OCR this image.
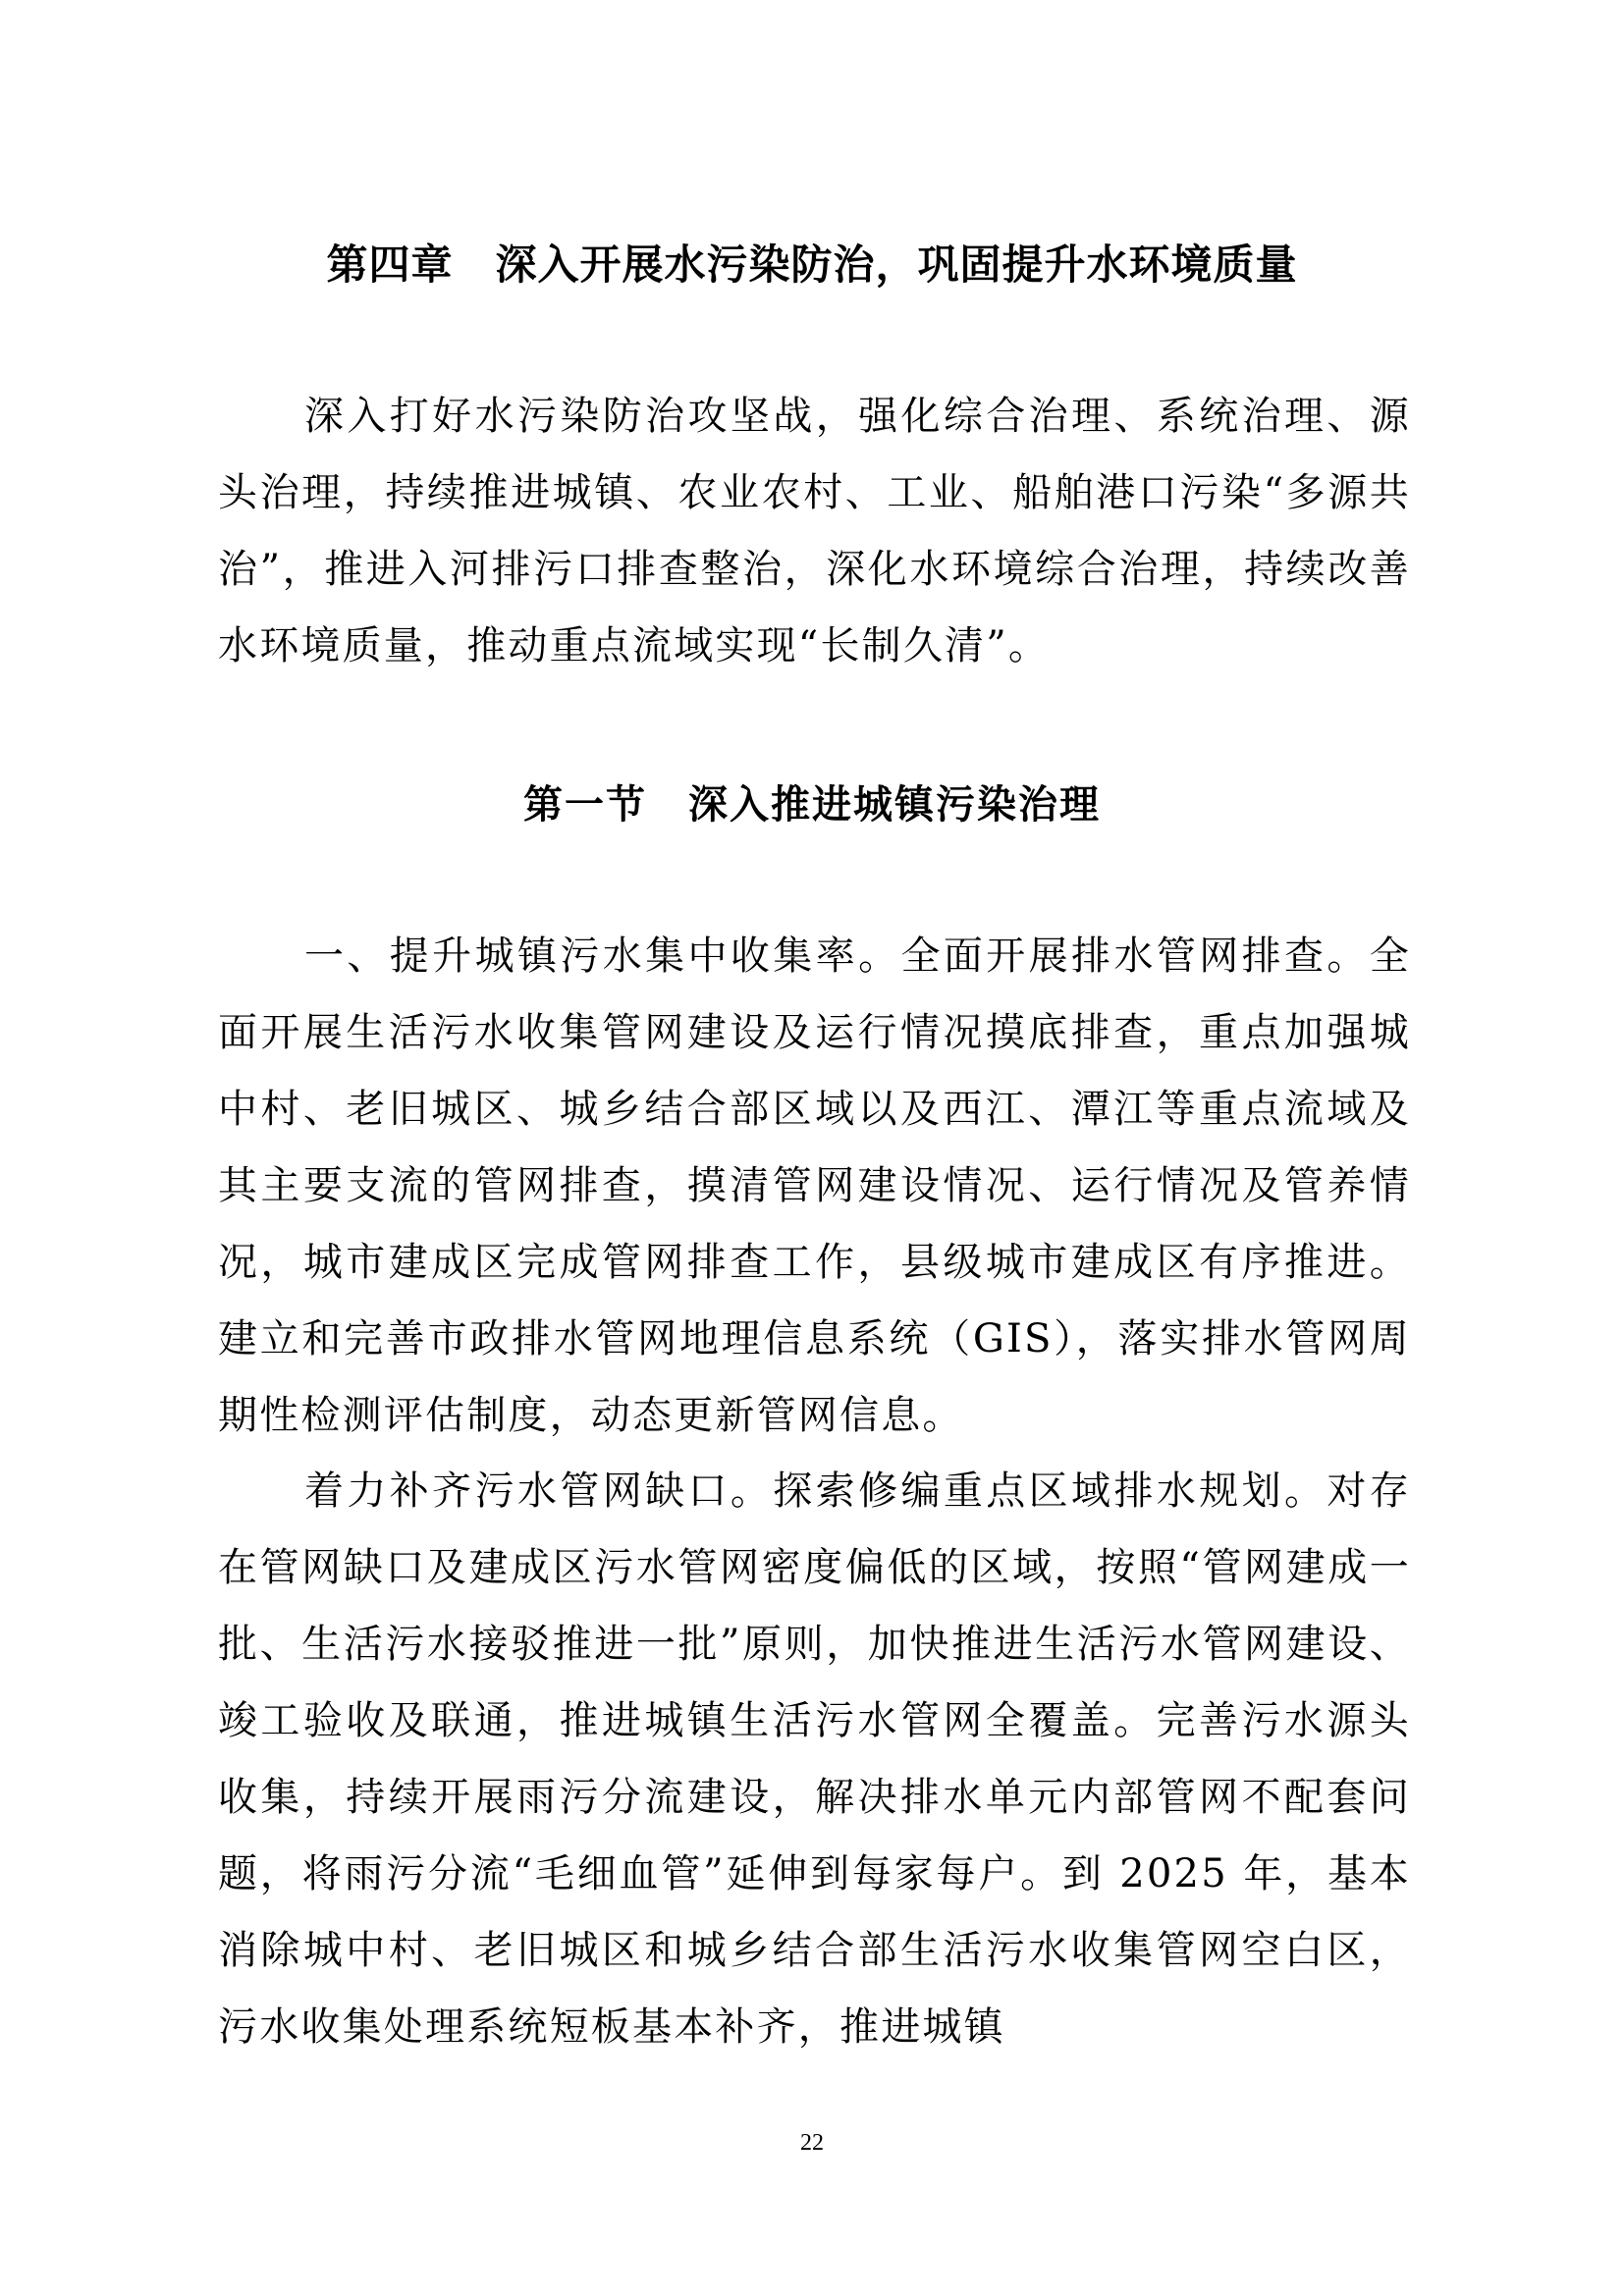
第四章　深入开展水污染防治，巩固提升水环境质量

深入打好水污染防治攻坚战，强化综合治理、系统治理、源头治理，持续推进城镇、农业农村、工业、船舶港口污染“多源共治”，推进入河排污口排查整治，深化水环境综合治理，持续改善水环境质量，推动重点流域实现“长制久清”。

第一节　深入推进城镇污染治理

一、提升城镇污水集中收集率。全面开展排水管网排查。全面开展生活污水收集管网建设及运行情况摸底排查，重点加强城中村、老旧城区、城乡结合部区域以及西江、潭江等重点流域及其主要支流的管网排查，摸清管网建设情况、运行情况及管养情况，城市建成区完成管网排查工作，县级城市建成区有序推进。建立和完善市政排水管网地理信息系统（GIS），落实排水管网周期性检测评估制度，动态更新管网信息。

着力补齐污水管网缺口。探索修编重点区域排水规划。对存在管网缺口及建成区污水管网密度偏低的区域，按照“管网建成一批、生活污水接驳推进一批”原则，加快推进生活污水管网建设、竣工验收及联通，推进城镇生活污水管网全覆盖。完善污水源头收集，持续开展雨污分流建设，解决排水单元内部管网不配套问题，将雨污分流“毛细血管”延伸到每家每户。到 2025 年，基本消除城中村、老旧城区和城乡结合部生活污水收集管网空白区，污水收集处理系统短板基本补齐，推进城镇

22
